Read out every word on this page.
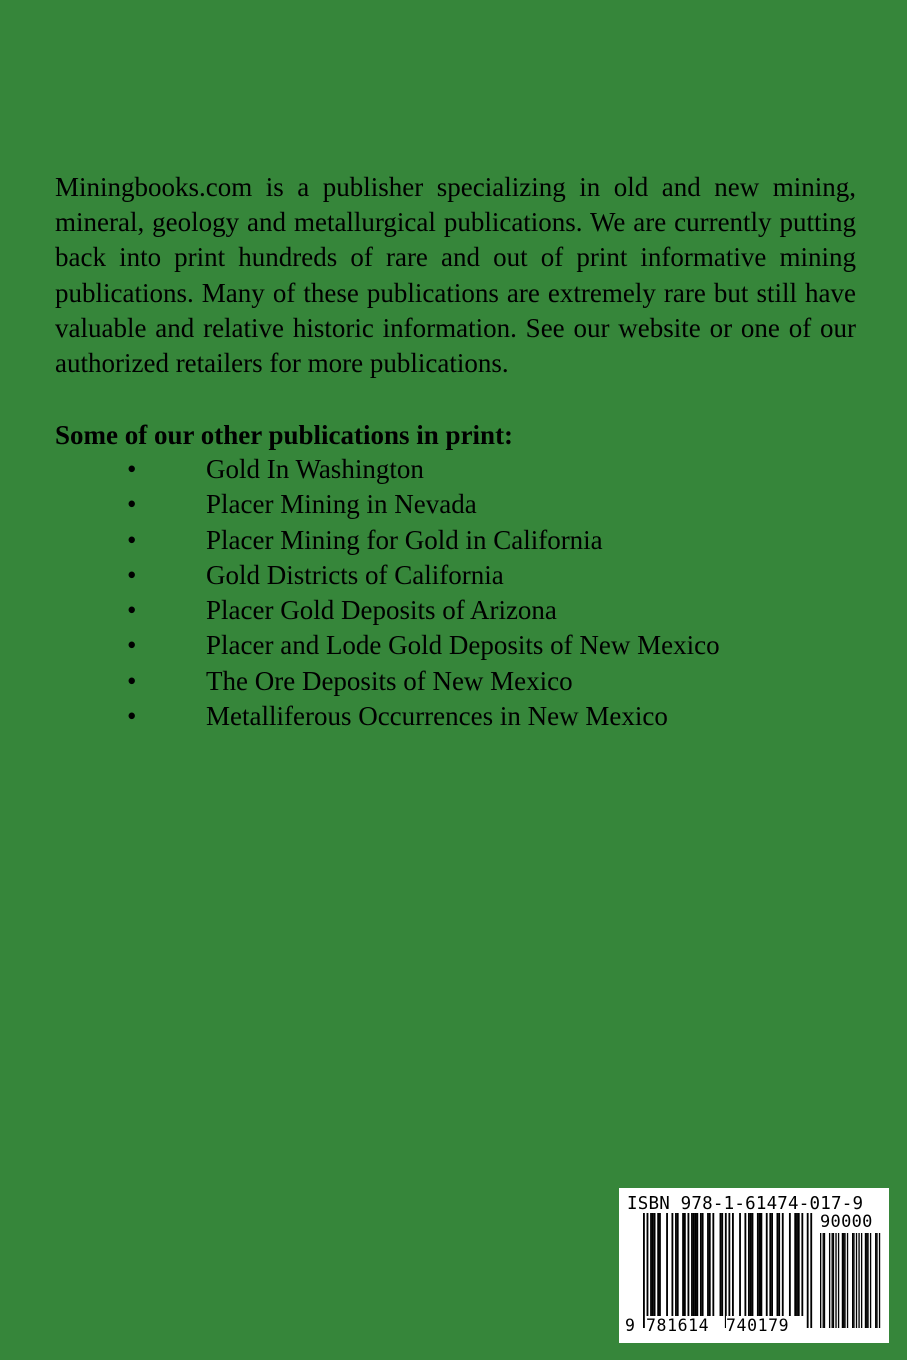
Miningbooks.com is a publisher specializing in old and new mining, mineral, geology and metallurgical publications. We are currently putting back into print hundreds of rare and out of print informative mining publications. Many of these publications are extremely rare but still have valuable and relative historic information. See our website or one of our authorized retailers for more publications.

Some of our other publications in print:

•	Gold In Washington
•	Placer Mining in Nevada
•	Placer Mining for Gold in California
•	Gold Districts of California
•	Placer Gold Deposits of Arizona
•	Placer and Lode Gold Deposits of New Mexico
•	The Ore Deposits of New Mexico
•	Metalliferous Occurrences in New Mexico
ISBN 978-1-61474-017-9
90000
9 781614 740179
